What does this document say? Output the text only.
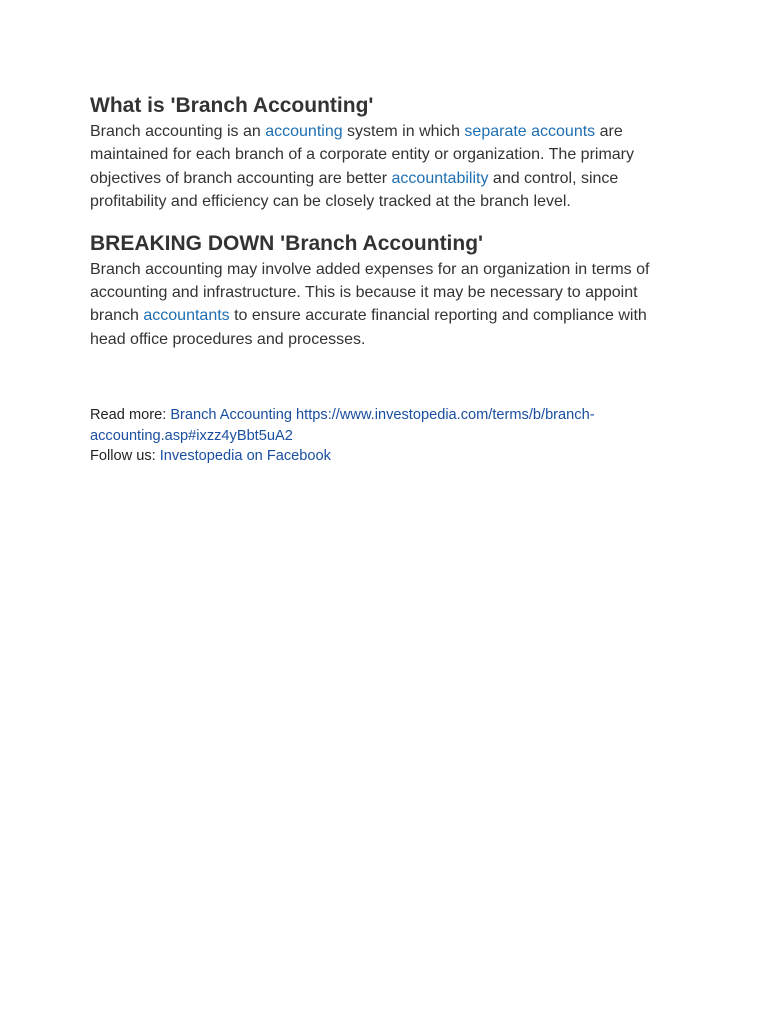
What is 'Branch Accounting'

Branch accounting is an accounting system in which separate accounts are maintained for each branch of a corporate entity or organization. The primary objectives of branch accounting are better accountability and control, since profitability and efficiency can be closely tracked at the branch level.

BREAKING DOWN 'Branch Accounting'

Branch accounting may involve added expenses for an organization in terms of accounting and infrastructure. This is because it may be necessary to appoint branch accountants to ensure accurate financial reporting and compliance with head office procedures and processes.

Read more: Branch Accounting https://www.investopedia.com/terms/b/branch-accounting.asp#ixzz4yBbt5uA2
Follow us: Investopedia on Facebook
